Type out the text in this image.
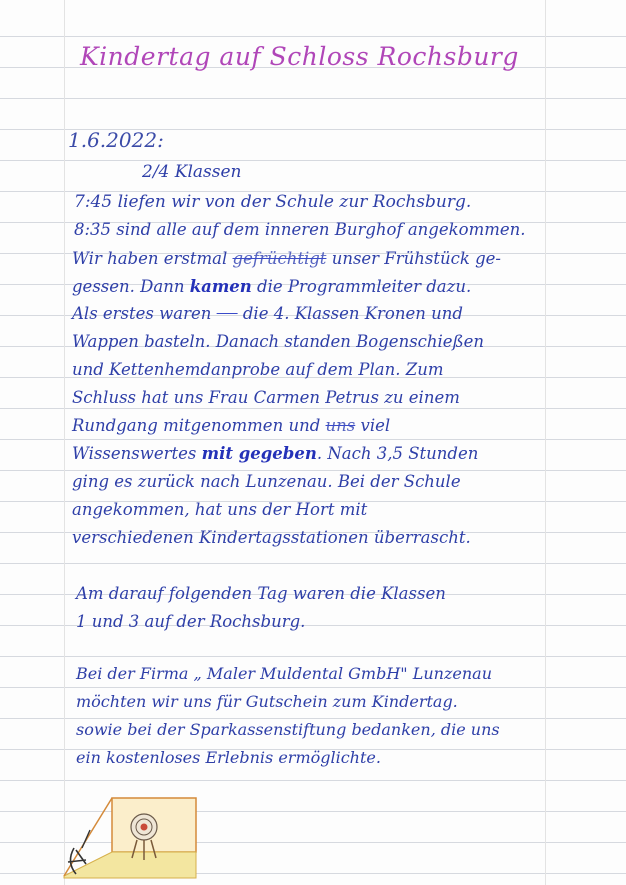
Kindertag auf Schloss Rochsburg
1.6.2022:
2/4 Klassen
7:45 liefen wir von der Schule zur Rochsburg.
8:35 sind alle auf dem inneren Burghof angekommen.
Wir haben erstmal gefrüchtigt unser Frühstück ge-
gessen. Dann kamen die Programmleiter dazu.
Als erstes waren die 4. Klassen Kronen und
Wappen basteln. Danach standen Bogenschießen
und Kettenhemdanprobe auf dem Plan. Zum
Schluss hat uns Frau Carmen Petrus zu einem
Rundgang mitgenommen und uns viel
Wissenswertes mit gegeben. Nach 3,5 Stunden
ging es zurück nach Lunzenau. Bei der Schule
angekommen, hat uns der Hort mit
verschiedenen Kindertagsstationen überrascht.
Am darauf folgenden Tag waren die Klassen
1 und 3 auf der Rochsburg.
Bei der Firma „ Maler Muldental GmbH" Lunzenau
möchten wir uns für Gutschein zum Kindertag.
sowie bei der Sparkassenstiftung bedanken, die uns
ein kostenloses Erlebnis ermöglichte.
